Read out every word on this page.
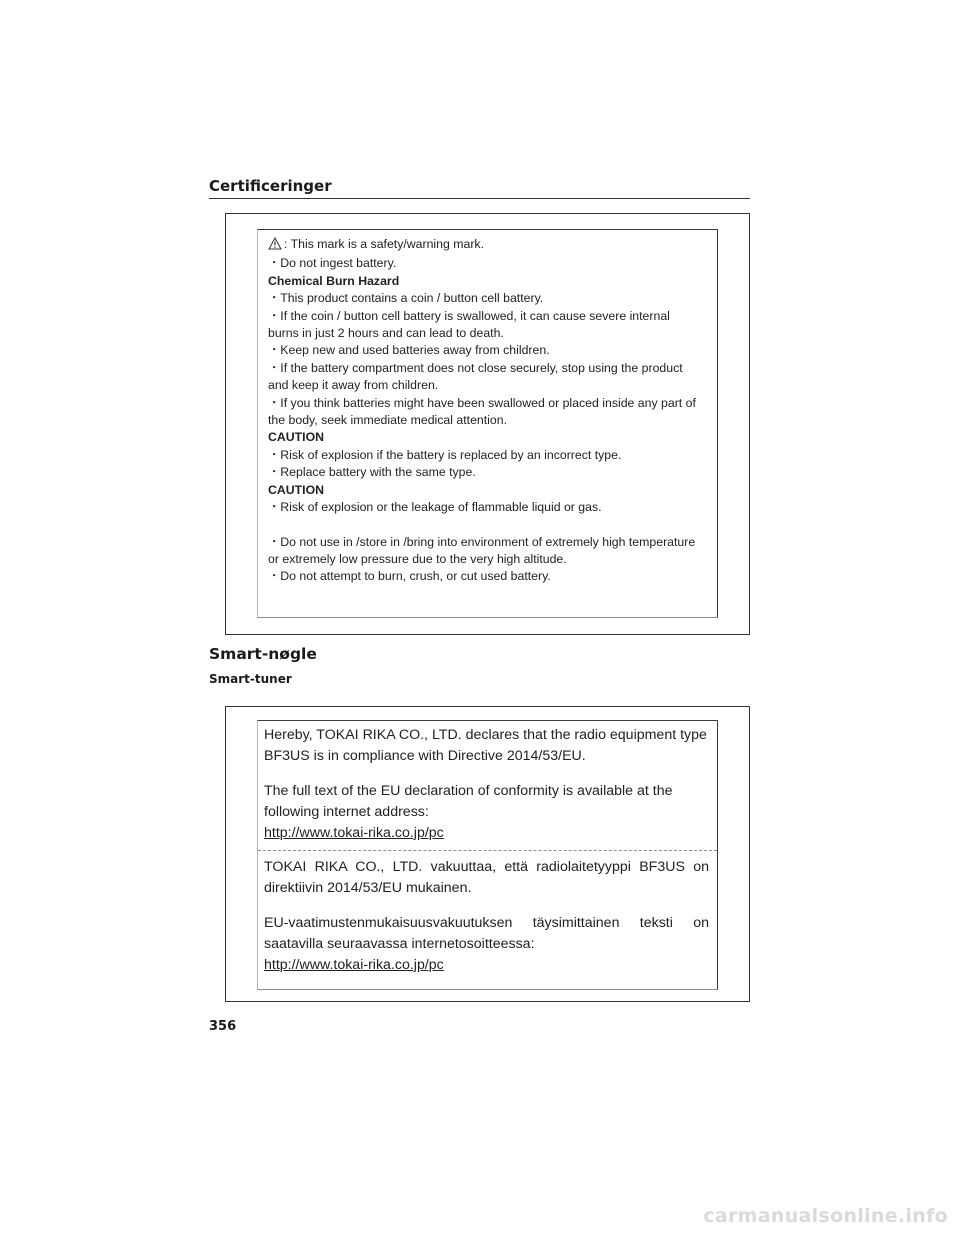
Certificeringer

: This mark is a safety/warning mark.

・Do not ingest battery.

Chemical Burn Hazard

・This product contains a coin / button cell battery.

・If the coin / button cell battery is swallowed, it can cause severe internal

burns in just 2 hours and can lead to death.

・Keep new and used batteries away from children.

・If the battery compartment does not close securely, stop using the product

and keep it away from children.

・If you think batteries might have been swallowed or placed inside any part of

the body, seek immediate medical attention.

CAUTION

・Risk of explosion if the battery is replaced by an incorrect type.

・Replace battery with the same type.

CAUTION

・Risk of explosion or the leakage of flammable liquid or gas.

・Do not use in /store in /bring into environment of extremely high temperature

or extremely low pressure due to the very high altitude.

・Do not attempt to burn, crush, or cut used battery.

Smart-nøgle
Smart-tuner

Hereby, TOKAI RIKA CO., LTD. declares that the radio equipment type

BF3US is in compliance with Directive 2014/53/EU.

The full text of the EU declaration of conformity is available at the

following internet address:

http://www.tokai-rika.co.jp/pc

TOKAI RIKA CO., LTD. vakuuttaa, että radiolaitetyyppi BF3US on

direktiivin 2014/53/EU mukainen.

EU-vaatimustenmukaisuusvakuutuksen täysimittainen teksti on

saatavilla seuraavassa internetosoitteessa:

http://www.tokai-rika.co.jp/pc

356
carmanualsonline.info
